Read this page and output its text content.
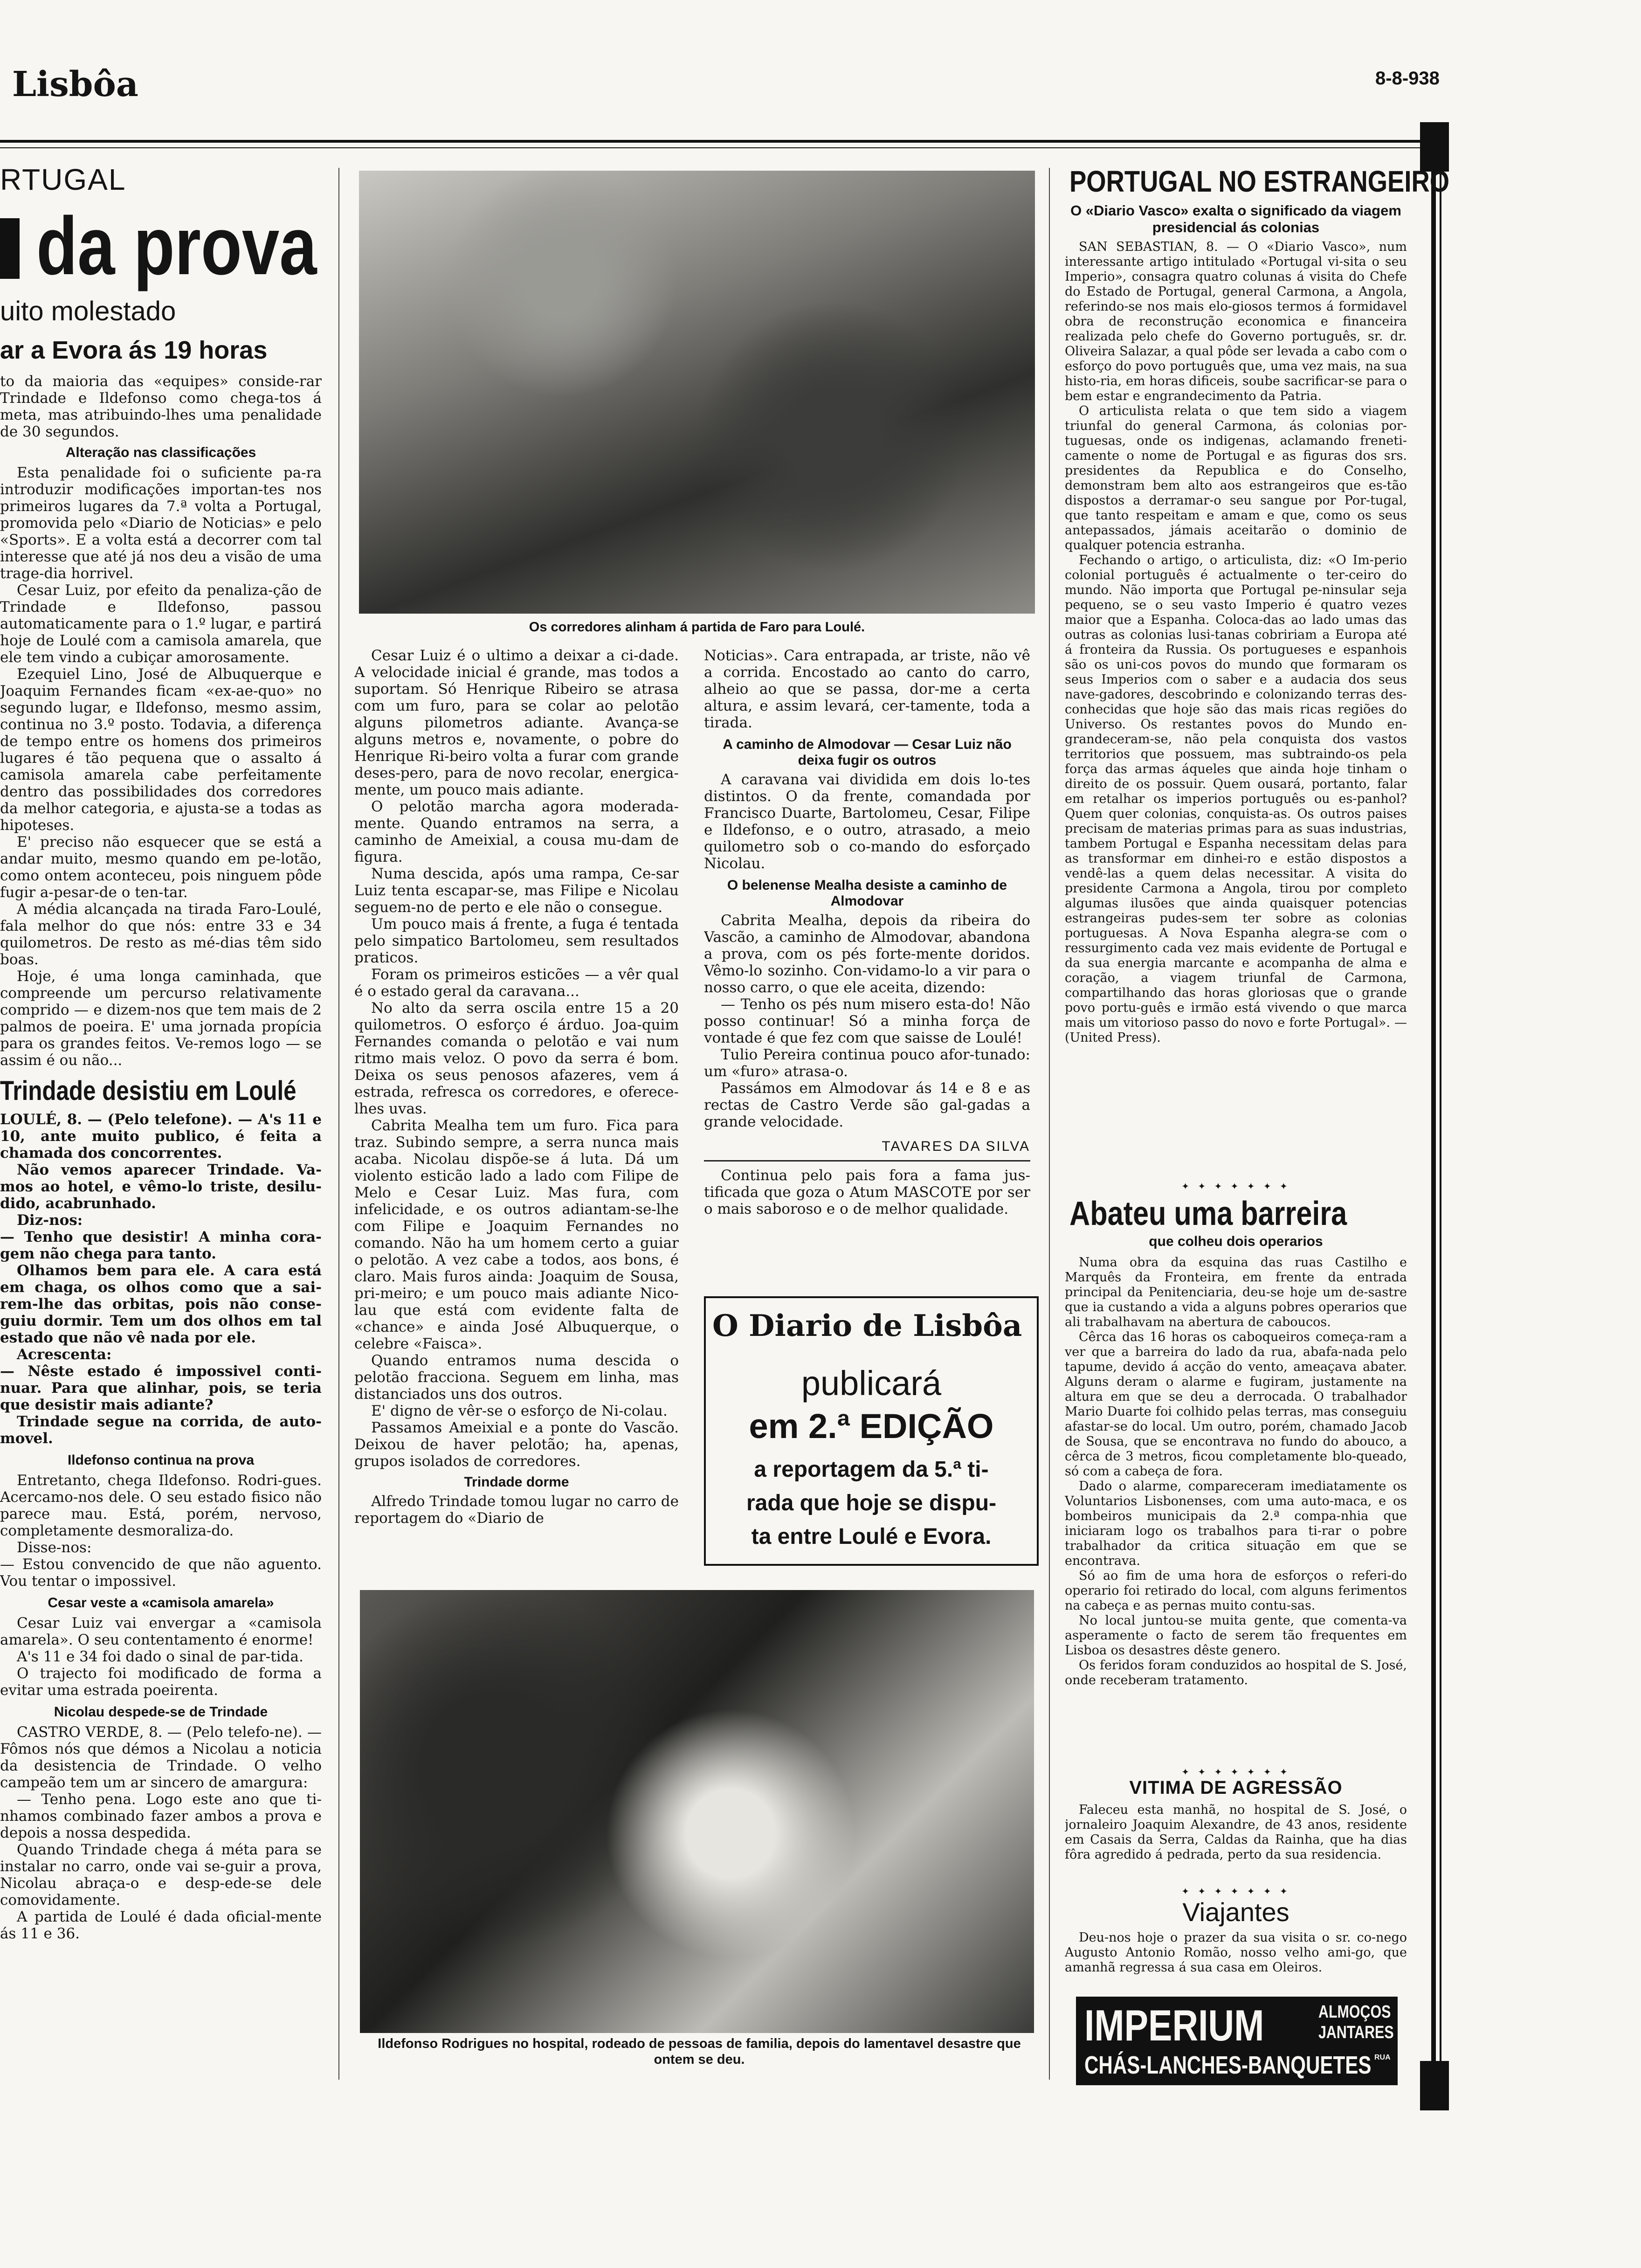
Lisbôa	8-8-938
RTUGAL
da prova
uito molestado
ar a Evora ás 19 horas

to da maioria das «equipes» conside-rar Trindade e Ildefonso como chega-tos á meta, mas atribuindo-lhes uma penalidade de 30 segundos.

Alteração nas classificações

Esta penalidade foi o suficiente pa-ra introduzir modificações importan-tes nos primeiros lugares da 7.ª volta a Portugal, promovida pelo «Diario de Noticias» e pelo «Sports». E a volta está a decorrer com tal interesse que até já nos deu a visão de uma trage-dia horrivel.

Cesar Luiz, por efeito da penaliza-ção de Trindade e Ildefonso, passou automaticamente para o 1.º lugar, e partirá hoje de Loulé com a camisola amarela, que ele tem vindo a cubiçar amorosamente.

Ezequiel Lino, José de Albuquerque e Joaquim Fernandes ficam «ex-ae-quo» no segundo lugar, e Ildefonso, mesmo assim, continua no 3.º posto. Todavia, a diferença de tempo entre os homens dos primeiros lugares é tão pequena que o assalto á camisola amarela cabe perfeitamente dentro das possibilidades dos corredores da melhor categoria, e ajusta-se a todas as hipoteses.

E' preciso não esquecer que se está a andar muito, mesmo quando em pe-lotão, como ontem aconteceu, pois ninguem pôde fugir a-pesar-de o ten-tar.

A média alcançada na tirada Faro-Loulé, fala melhor do que nós: entre 33 e 34 quilometros. De resto as mé-dias têm sido boas.

Hoje, é uma longa caminhada, que compreende um percurso relativamente comprido — e dizem-nos que tem mais de 2 palmos de poeira. E' uma jornada propícia para os grandes feitos. Ve-remos logo — se assim é ou não...

Trindade desistiu em Loulé

LOULÉ, 8. — (Pelo telefone). — A's 11 e 10, ante muito publico, é feita a chamada dos concorrentes.

Não vemos aparecer Trindade. Va-mos ao hotel, e vêmo-lo triste, desilu-dido, acabrunhado.

Diz-nos:

— Tenho que desistir! A minha cora-gem não chega para tanto.

Olhamos bem para ele. A cara está em chaga, os olhos como que a sai-rem-lhe das orbitas, pois não conse-guiu dormir. Tem um dos olhos em tal estado que não vê nada por ele.

Acrescenta:

— Nêste estado é impossivel conti-nuar. Para que alinhar, pois, se teria que desistir mais adiante?

Trindade segue na corrida, de auto-movel.

Ildefonso continua na prova

Entretanto, chega Ildefonso. Rodri-gues. Acercamo-nos dele. O seu estado fisico não parece mau. Está, porém, nervoso, completamente desmoraliza-do.

Disse-nos:

— Estou convencido de que não aguento. Vou tentar o impossivel.

Cesar veste a «camisola amarela»

Cesar Luiz vai envergar a «camisola amarela». O seu contentamento é enorme!

A's 11 e 34 foi dado o sinal de par-tida.

O trajecto foi modificado de forma a evitar uma estrada poeirenta.

Nicolau despede-se de Trindade

CASTRO VERDE, 8. — (Pelo telefo-ne). — Fômos nós que démos a Nicolau a noticia da desistencia de Trindade. O velho campeão tem um ar sincero de amargura:

— Tenho pena. Logo este ano que ti-nhamos combinado fazer ambos a prova e depois a nossa despedida.

Quando Trindade chega á méta para se instalar no carro, onde vai se-guir a prova, Nicolau abraça-o e desp-ede-se dele comovidamente.

A partida de Loulé é dada oficial-mente ás 11 e 36.

Os corredores alinham á partida de Faro para Loulé.

Cesar Luiz é o ultimo a deixar a ci-dade. A velocidade inicial é grande, mas todos a suportam. Só Henrique Ribeiro se atrasa com um furo, para se colar ao pelotão alguns pilometros adiante. Avança-se alguns metros e, novamente, o pobre do Henrique Ri-beiro volta a furar com grande deses-pero, para de novo recolar, energica-mente, um pouco mais adiante.

O pelotão marcha agora moderada-mente. Quando entramos na serra, a caminho de Ameixial, a cousa mu-dam de figura.

Numa descida, após uma rampa, Ce-sar Luiz tenta escapar-se, mas Filipe e Nicolau seguem-no de perto e ele não o consegue.

Um pouco mais á frente, a fuga é tentada pelo simpatico Bartolomeu, sem resultados praticos.

Foram os primeiros esticões — a vêr qual é o estado geral da caravana...

No alto da serra oscila entre 15 a 20 quilometros. O esforço é árduo. Joa-quim Fernandes comanda o pelotão e vai num ritmo mais veloz. O povo da serra é bom. Deixa os seus penosos afazeres, vem á estrada, refresca os corredores, e oferece-lhes uvas.

Cabrita Mealha tem um furo. Fica para traz. Subindo sempre, a serra nunca mais acaba. Nicolau dispõe-se á luta. Dá um violento esticão lado a lado com Filipe de Melo e Cesar Luiz. Mas fura, com infelicidade, e os outros adiantam-se-lhe com Filipe e Joaquim Fernandes no comando. Não ha um homem certo a guiar o pelotão. A vez cabe a todos, aos bons, é claro. Mais furos ainda: Joaquim de Sousa, pri-meiro; e um pouco mais adiante Nico-lau que está com evidente falta de «chance» e ainda José Albuquerque, o celebre «Faisca».

Quando entramos numa descida o pelotão fracciona. Seguem em linha, mas distanciados uns dos outros.

E' digno de vêr-se o esforço de Ni-colau.

Passamos Ameixial e a ponte do Vascão. Deixou de haver pelotão; ha, apenas, grupos isolados de corredores.

Trindade dorme

Alfredo Trindade tomou lugar no carro de reportagem do «Diario de

Noticias». Cara entrapada, ar triste, não vê a corrida. Encostado ao canto do carro, alheio ao que se passa, dor-me a certa altura, e assim levará, cer-tamente, toda a tirada.

A caminho de Almodovar — Cesar Luiz não deixa fugir os outros

A caravana vai dividida em dois lo-tes distintos. O da frente, comandada por Francisco Duarte, Bartolomeu, Cesar, Filipe e Ildefonso, e o outro, atrasado, a meio quilometro sob o co-mando do esforçado Nicolau.

O belenense Mealha desiste a caminho de Almodovar

Cabrita Mealha, depois da ribeira do Vascão, a caminho de Almodovar, abandona a prova, com os pés forte-mente doridos. Vêmo-lo sozinho. Con-vidamo-lo a vir para o nosso carro, o que ele aceita, dizendo:

— Tenho os pés num misero esta-do! Não posso continuar! Só a minha força de vontade é que fez com que saisse de Loulé!

Tulio Pereira continua pouco afor-tunado: um «furo» atrasa-o.

Passámos em Almodovar ás 14 e 8 e as rectas de Castro Verde são gal-gadas a grande velocidade.

TAVARES DA SILVA

Continua pelo pais fora a fama jus-tificada que goza o Atum MASCOTE por ser o mais saboroso e o de melhor qualidade.

O Diario de Lisbôa
publicará
em 2.ª EDIÇÃO
a reportagem da 5.ª ti-
rada que hoje se dispu-
ta entre Loulé e Evora.
Ildefonso Rodrigues no hospital, rodeado de pessoas de familia, depois do lamentavel desastre que ontem se deu.
PORTUGAL NO ESTRANGEIRO
O «Diario Vasco» exalta o significado da viagem presidencial ás colonias

SAN SEBASTIAN, 8. — O «Diario Vasco», num interessante artigo intitulado «Portugal vi-sita o seu Imperio», consagra quatro colunas á visita do Chefe do Estado de Portugal, general Carmona, a Angola, referindo-se nos mais elo-giosos termos á formidavel obra de reconstrução economica e financeira realizada pelo chefe do Governo português, sr. dr. Oliveira Salazar, a qual pôde ser levada a cabo com o esforço do povo português que, uma vez mais, na sua histo-ria, em horas dificeis, soube sacrificar-se para o bem estar e engrandecimento da Patria.

O articulista relata o que tem sido a viagem triunfal do general Carmona, ás colonias por-tuguesas, onde os indigenas, aclamando freneti-camente o nome de Portugal e as figuras dos srs. presidentes da Republica e do Conselho, demonstram bem alto aos estrangeiros que es-tão dispostos a derramar-o seu sangue por Por-tugal, que tanto respeitam e amam e que, como os seus antepassados, jámais aceitarão o dominio de qualquer potencia estranha.

Fechando o artigo, o articulista, diz: «O Im-perio colonial português é actualmente o ter-ceiro do mundo. Não importa que Portugal pe-ninsular seja pequeno, se o seu vasto Imperio é quatro vezes maior que a Espanha. Coloca-das ao lado umas das outras as colonias lusi-tanas cobririam a Europa até á fronteira da Russia. Os portugueses e espanhois são os uni-cos povos do mundo que formaram os seus Imperios com o saber e a audacia dos seus nave-gadores, descobrindo e colonizando terras des-conhecidas que hoje são das mais ricas regiões do Universo. Os restantes povos do Mundo en-grandeceram-se, não pela conquista dos vastos territorios que possuem, mas subtraindo-os pela força das armas áqueles que ainda hoje tinham o direito de os possuir. Quem ousará, portanto, falar em retalhar os imperios português ou es-panhol? Quem quer colonias, conquista-as. Os outros paises precisam de materias primas para as suas industrias, tambem Portugal e Espanha necessitam delas para as transformar em dinhei-ro e estão dispostos a vendê-las a quem delas necessitar. A visita do presidente Carmona a Angola, tirou por completo algumas ilusões que ainda quaisquer potencias estrangeiras pudes-sem ter sobre as colonias portuguesas. A Nova Espanha alegra-se com o ressurgimento cada vez mais evidente de Portugal e da sua energia marcante e acompanha de alma e coração, a viagem triunfal de Carmona, compartilhando das horas gloriosas que o grande povo portu-guês e irmão está vivendo o que marca mais um vitorioso passo do novo e forte Portugal». — (United Press).

✦ ✦ ✦ ✦ ✦ ✦ ✦
Abateu uma barreira
que colheu dois operarios

Numa obra da esquina das ruas Castilho e Marquês da Fronteira, em frente da entrada principal da Penitenciaria, deu-se hoje um de-sastre que ia custando a vida a alguns pobres operarios que ali trabalhavam na abertura de caboucos.

Cêrca das 16 horas os caboqueiros começa-ram a ver que a barreira do lado da rua, abafa-nada pelo tapume, devido á acção do vento, ameaçava abater. Alguns deram o alarme e fugiram, justamente na altura em que se deu a derrocada. O trabalhador Mario Duarte foi colhido pelas terras, mas conseguiu afastar-se do local. Um outro, porém, chamado Jacob de Sousa, que se encontrava no fundo do abouco, a cêrca de 3 metros, ficou completamente blo-queado, só com a cabeça de fora.

Dado o alarme, compareceram imediatamente os Voluntarios Lisbonenses, com uma auto-maca, e os bombeiros municipais da 2.ª compa-nhia que iniciaram logo os trabalhos para ti-rar o pobre trabalhador da critica situação em que se encontrava.

Só ao fim de uma hora de esforços o referi-do operario foi retirado do local, com alguns ferimentos na cabeça e as pernas muito contu-sas.

No local juntou-se muita gente, que comenta-va asperamente o facto de serem tão frequentes em Lisboa os desastres dêste genero.

Os feridos foram conduzidos ao hospital de S. José, onde receberam tratamento.

✦ ✦ ✦ ✦ ✦ ✦ ✦
VITIMA DE AGRESSÃO

Faleceu esta manhã, no hospital de S. José, o jornaleiro Joaquim Alexandre, de 43 anos, residente em Casais da Serra, Caldas da Rainha, que ha dias fôra agredido á pedrada, perto da sua residencia.

✦ ✦ ✦ ✦ ✦ ✦ ✦
Viajantes

Deu-nos hoje o prazer da sua visita o sr. co-nego Augusto Antonio Romão, nosso velho ami-go, que amanhã regressa á sua casa em Oleiros.

IMPERIUM	ALMOÇOS
JANTARES
CHÁS-LANCHES-BANQUETES RUA
